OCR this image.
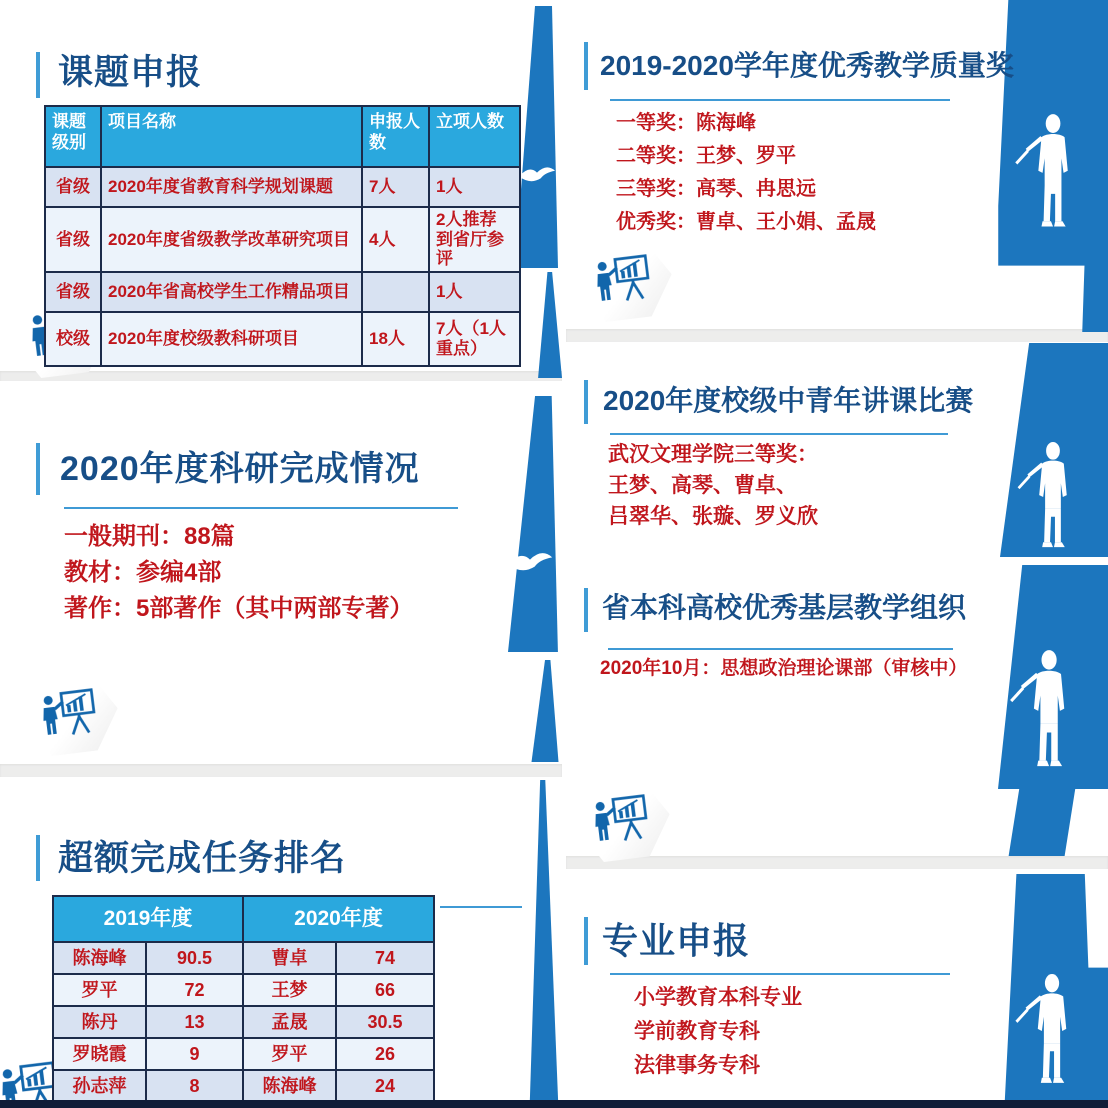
课题申报
课题级别	项目名称	申报人数	立项人数
省级	2020年度省教育科学规划课题	7人	1人
省级	2020年度省级教学改革研究项目	4人	2人推荐到省厅参评
省级	2020年省高校学生工作精品项目		1人
校级	2020年度校级教科研项目	18人	7人（1人重点）
2020年度科研完成情况

一般期刊：88篇

教材：参编4部

著作：5部著作（其中两部专著）

超额完成任务排名
2019年度		2020年度	
陈海峰	90.5	曹卓	74
罗平	72	王梦	66
陈丹	13	孟晟	30.5
罗晓霞	9	罗平	26
孙志萍	8	陈海峰	24
2019-2020学年度优秀教学质量奖

一等奖：陈海峰

二等奖：王梦、罗平

三等奖：高琴、冉思远

优秀奖：曹卓、王小娟、孟晟

2020年度校级中青年讲课比赛

武汉文理学院三等奖：

王梦、高琴、曹卓、

吕翠华、张璇、罗义欣

省本科高校优秀基层教学组织

2020年10月：思想政治理论课部（审核中）

专业申报

小学教育本科专业

学前教育专科

法律事务专科
